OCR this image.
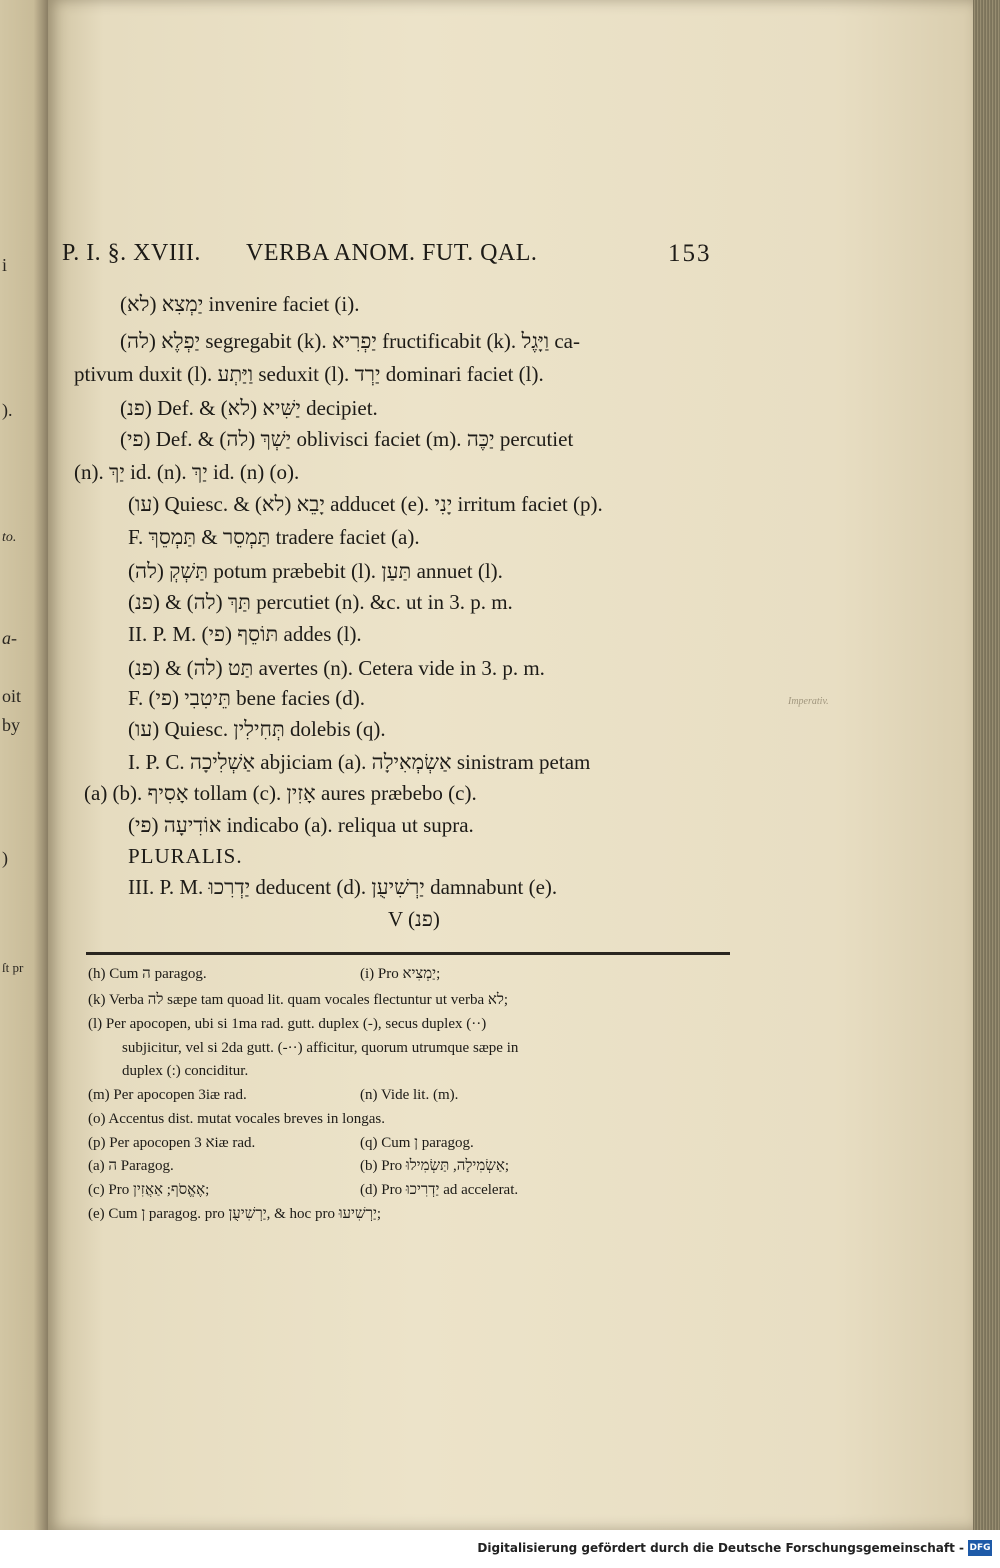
i
).
to.
a-
oit
by
)
ſt pr
Imperativ.
P. I. §. XVIII. VERBA ANOM. FUT. QAL.	153
(לא) יַמְצִא invenire faciet (i).
(לה) יַפְלֶא segregabit (k). יַפְרִיא fructificabit (k). וַיָּגֶל ca-
ptivum duxit (l). וַיַּתְע seduxit (l). יַרְד dominari faciet (l).
(פנ) Def. & (לא) יַשִּׁיא decipiet.
(פי) Def. & (לה) יַשְׁךְ oblivisci faciet (m). יַכֶּה percutiet
(n). יַךְ id. (n). יַךְ id. (n) (o).
(עו) Quiesc. & (לא) יָבֵא adducet (e). יָנִי irritum faciet (p).
F. תַּמְסֵר & תַּמְסֵךְ tradere faciet (a).
(לה) תַּשְׁקְ potum præbebit (l). תַּעַן annuet (l).
(פנ) & (לה) תַּךְ percutiet (n). &c. ut in 3. p. m.
II. P. M. (פי) תּוֹסֵף addes (l).
(פנ) & (לה) תַּט avertes (n). Cetera vide in 3. p. m.
F. (פי) תֵּיטִבִי bene facies (d).
(עו) Quiesc. תְּחִילִין dolebis (q).
I. P. C. אַשְׁלִיכָה abjiciam (a). אַשְׂמְאִילָה sinistram petam
(a) (b). אָסִיף tollam (c). אָזִין aures præbebo (c).
(פי) אוֹדִיעָה indicabo (a). reliqua ut supra.
PLURALIS.
III. P. M. יַדְרִכוּ deducent (d). יַרְשִׁיעֻן damnabunt (e).
V (פנ)
(h) Cum ה paragog.	(i) Pro יַמְצִיא;
(k) Verba לה sæpe tam quoad lit. quam vocales flectuntur ut verba לא;
(l) Per apocopen, ubi si 1ma rad. gutt. duplex (-), secus duplex (··)
subjicitur, vel si 2da gutt. (-··) afficitur, quorum utrumque sæpe in
duplex (:) conciditur.
(m) Per apocopen 3iæ rad.	(n) Vide lit. (m).
(o) Accentus dist. mutat vocales breves in longas.
(p) Per apocopen א 3iæ rad.	(q) Cum ן paragog.
(a) ה Paragog.	(b) Pro אַשְׂמִילָה, תַּשְׂמִילוּ;
(c) Pro אֶאֱסֹף; אַאֲזִין;	(d) Pro יַדְרִיכוּ ad accelerat.
(e) Cum ן paragog. pro יַרְשִׁיעֻן, & hoc pro יַרְשִׁיעוּ;
Digitalisierung gefördert durch die Deutsche Forschungsgemeinschaft - DFG
